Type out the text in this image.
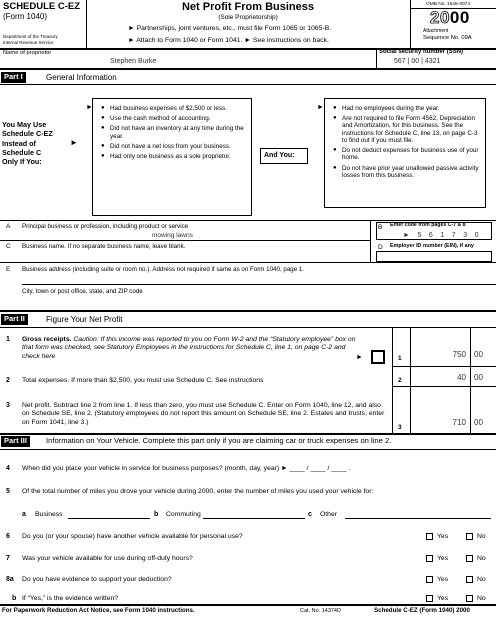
SCHEDULE C-EZ
(Form 1040)
Department of the Treasury
Internal Revenue Service
Net Profit From Business
(Sole Proprietorship)
► Partnerships, joint ventures, etc., must file Form 1065 or 1065-B.
► Attach to Form 1040 or Form 1041. ► See instructions on back.
OMB No. 1545-0074
2000
Attachment
Sequence No. 09A
Name of proprietor
Stephen Burke
Social security number (SSN)
567 | 00 | 4321
Part I	General Information
You May Use
Schedule C-EZ
Instead of
Schedule C
Only If You:
►
● Had business expenses of $2,500 or less.
● Use the cash method of accounting.
● Did not have an inventory at any time during the year.
● Did not have a net loss from your business.
● Had only one business as a sole proprietor.	And You:
►	►
●	Had no employees during the year.
● Are not required to file Form 4562, Depreciation and Amortization, for this business. See the instructions for Schedule C, line 13, on page C-3 to find out if you must file.
● Do not deduct expenses for business use of your home.
● Do not have prior year unallowed passive activity losses from this business.
A Principal business or profession, including product or service
mowing lawns
B Enter code from pages C-7 & 8
► 5 6 1 7 3 0
C Business name. If no separate business name, leave blank.	D Employer ID number (EIN), if any
E Business address (including suite or room no.). Address not required if same as on Form 1040, page 1.
City, town or post office, state, and ZIP code
Part II	Figure Your Net Profit
1 Gross receipts. Caution: If this income was reported to you on Form W-2 and the “Statutory employee” box on that form was checked, see Statutory Employees in the instructions for Schedule C, line 1, on page C-2 and check here	►	1	750 00
2 Total expenses. If more than $2,500, you must use Schedule C. See instructions	2	40 00
3 Net profit. Subtract line 2 from line 1. If less than zero, you must use Schedule C. Enter on Form 1040, line 12, and also on Schedule SE, line 2. (Statutory employees do not report this amount on Schedule SE, line 2. Estates and trusts, enter on Form 1041, line 3.)
3
710 00
Part III	Information on Your Vehicle. Complete this part only if you are claiming car or truck expenses on line 2.
4 When did you place your vehicle in service for business purposes? (month, day, year) ► ____ / ____ / ____ .
5 Of the total number of miles you drove your vehicle during 2000, enter the number of miles you used your vehicle for:
a Business	b Commuting	c Other
6 Do you (or your spouse) have another vehicle available for personal use?	Yes	No
7 Was your vehicle available for use during off-duty hours?	Yes	No
8a Do you have evidence to support your deduction?	Yes	No
b If “Yes,” is the evidence written?	Yes	No
For Paperwork Reduction Act Notice, see Form 1040 instructions.	Cat. No. 14374D	Schedule C-EZ (Form 1040) 2000
